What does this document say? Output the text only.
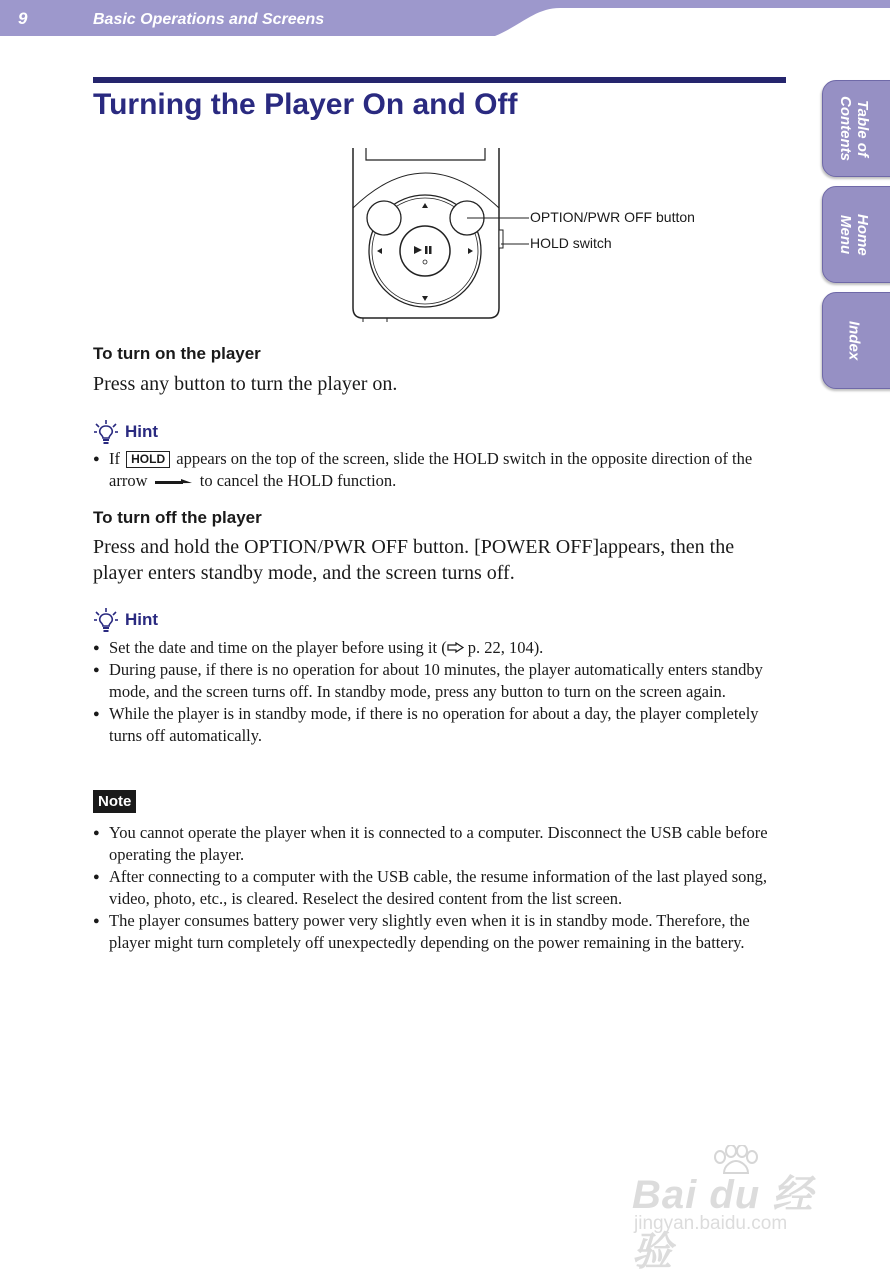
9	Basic Operations and Screens
Turning the Player On and Off	Table of
Contents
Home
Menu
Index
OPTION/PWR OFF button
HOLD switch
To turn on the player

Press any button to turn the player on.

Hint
● If HOLD appears on the top of the screen, slide the HOLD switch in the opposite direction of the arrow	to cancel the HOLD function.
To turn off the player

Press and hold the OPTION/PWR OFF button. [POWER OFF]appears, then the player enters standby mode, and the screen turns off.

Hint
● Set the date and time on the player before using it ( p. 22, 104).
● During pause, if there is no operation for about 10 minutes, the player automatically enters standby mode, and the screen turns off. In standby mode, press any button to turn on the screen again.
● While the player is in standby mode, if there is no operation for about a day, the player completely turns off automatically.
Note
● You cannot operate the player when it is connected to a computer. Disconnect the USB cable before operating the player.
● After connecting to a computer with the USB cable, the resume information of the last played song, video, photo, etc., is cleared. Reselect the desired content from the list screen.
● The player consumes battery power very slightly even when it is in standby mode. Therefore, the player might turn completely off unexpectedly depending on the power remaining in the battery.
Bai du 经验
jingyan.baidu.com
